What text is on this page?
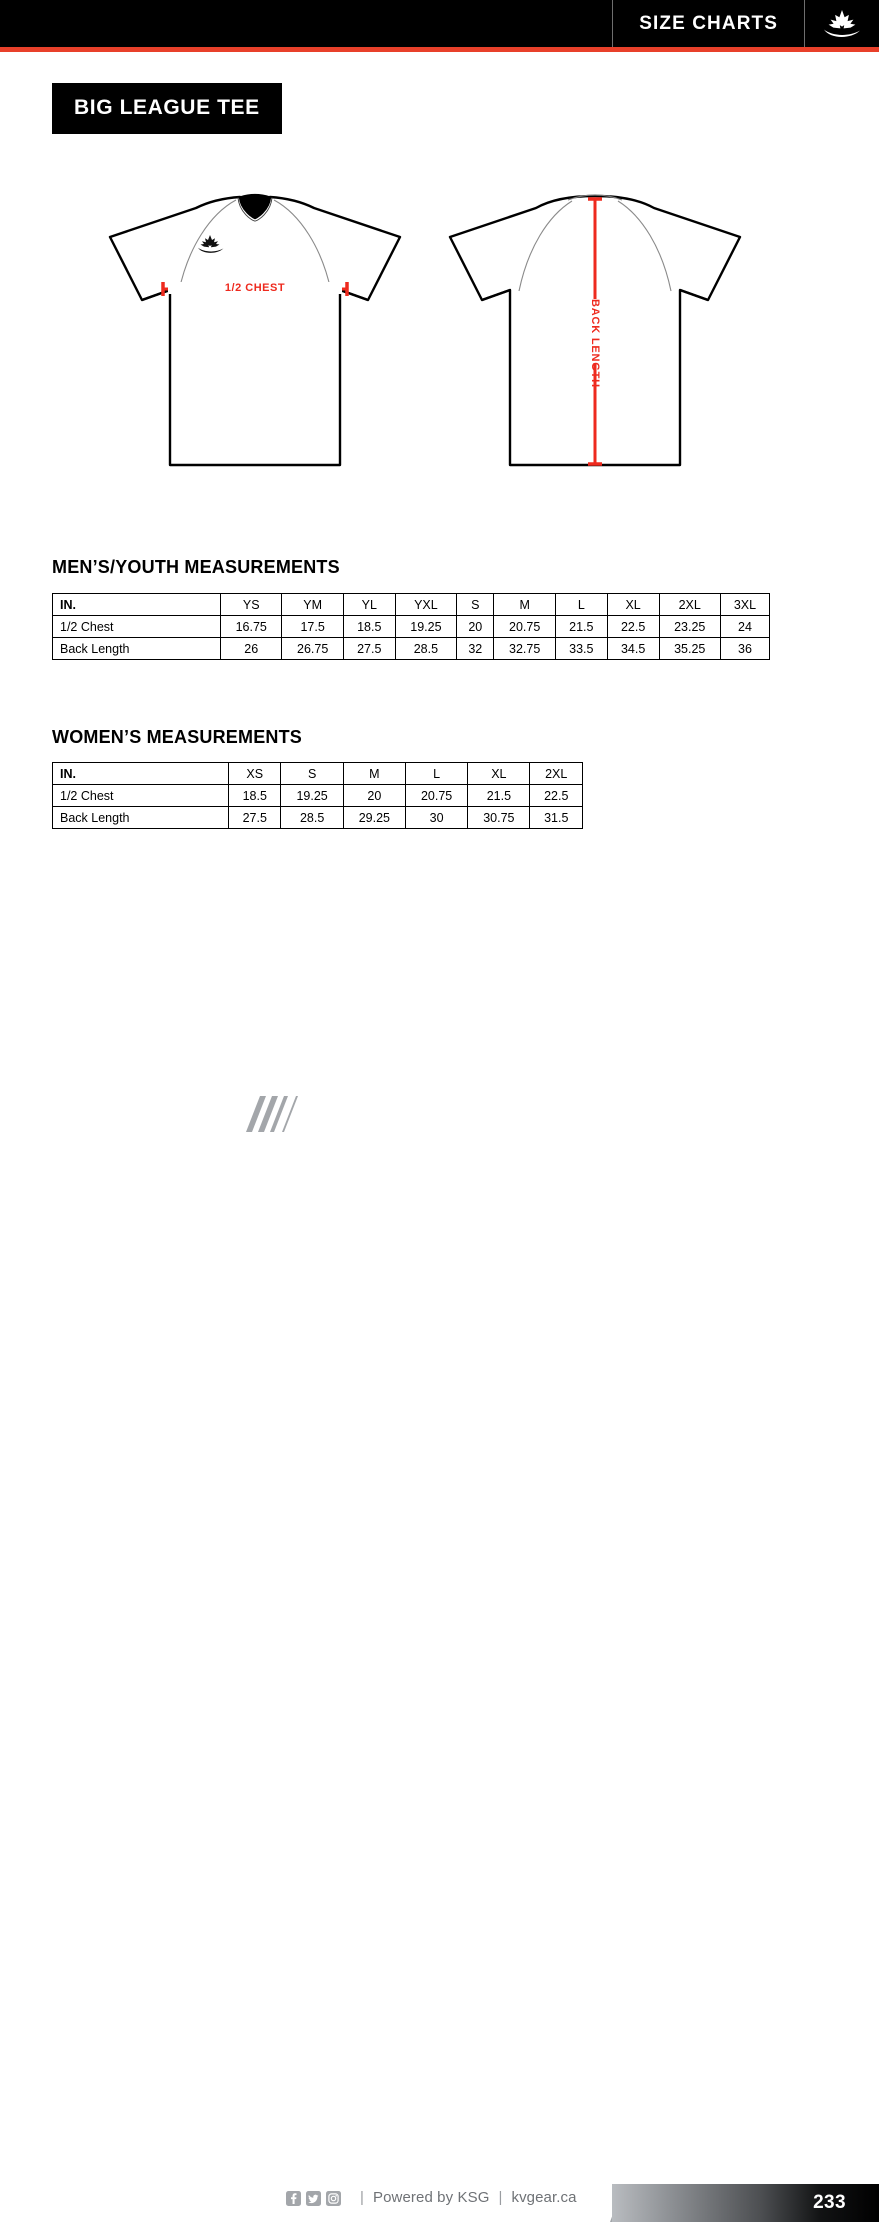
SIZE CHARTS
BIG LEAGUE TEE
1/2 CHEST
BACK LENGTH
MEN’S/YOUTH MEASUREMENTS
IN.	YS	YM	YL	YXL	S	M	L	XL	2XL	3XL
1/2 Chest	16.75	17.5	18.5	19.25	20	20.75	21.5	22.5	23.25	24
Back Length	26	26.75	27.5	28.5	32	32.75	33.5	34.5	35.25	36
WOMEN’S MEASUREMENTS
IN.	XS	S	M	L	XL	2XL
1/2 Chest	18.5	19.25	20	20.75	21.5	22.5
Back Length	27.5	28.5	29.25	30	30.75	31.5
| Powered by KSG | kvgear.ca	233
